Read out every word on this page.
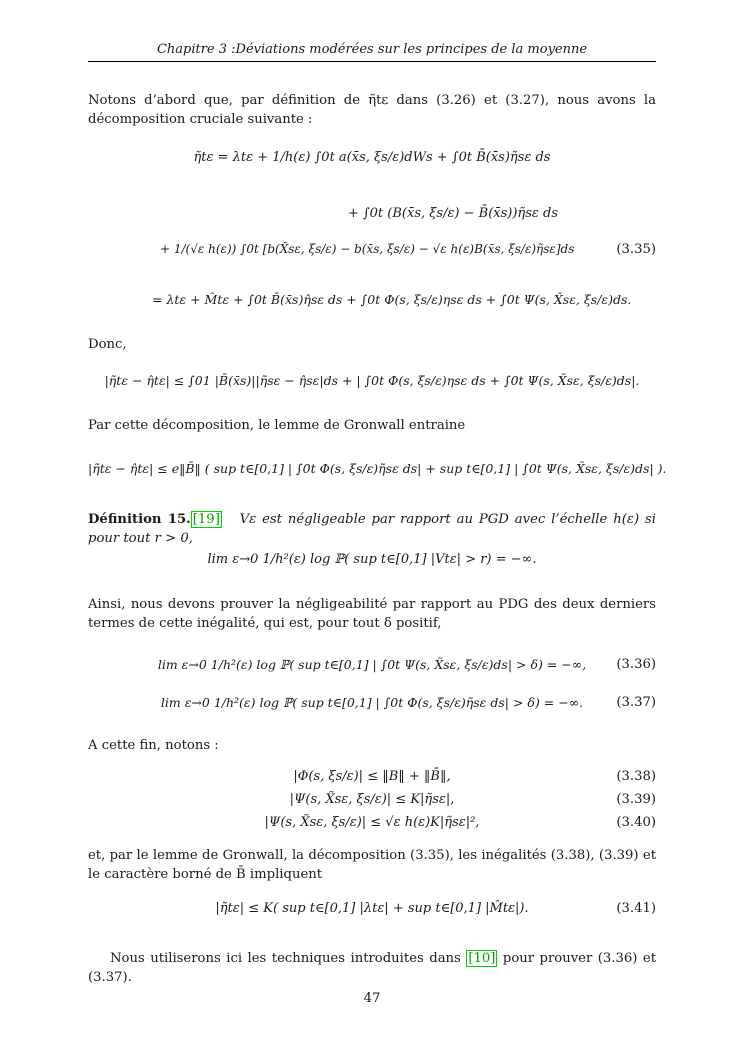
Chapitre 3 :Déviations modérées sur les principes de la moyenne
Notons d’abord que, par définition de η̃tε dans (3.26) et (3.27), nous avons la décomposition cruciale suivante :
η̃tε = λtε + 1/h(ε) ∫0t a(x̄s, ξs/ε)dWs + ∫0t B̄(x̄s)η̃sε ds
+ ∫0t (B(x̄s, ξs/ε) − B̄(x̄s))η̃sε ds
+ 1/(√ε h(ε)) ∫0t [b(X̃sε, ξs/ε) − b(x̄s, ξs/ε) − √ε h(ε)B(x̄s, ξs/ε)η̃sε]ds	(3.35)
= λtε + M̂tε + ∫0t B̄(x̄s)η̂sε ds + ∫0t Φ(s, ξs/ε)ηsε ds + ∫0t Ψ(s, X̃sε, ξs/ε)ds.
Donc,
|η̃tε − η̂tε| ≤ ∫01 |B̄(x̄s)||η̃sε − η̂sε|ds + | ∫0t Φ(s, ξs/ε)ηsε ds + ∫0t Ψ(s, X̃sε, ξs/ε)ds|.
Par cette décomposition, le lemme de Gronwall entraine
|η̃tε − η̂tε| ≤ e‖B̄‖ ( sup t∈[0,1] | ∫0t Φ(s, ξs/ε)η̃sε ds| + sup t∈[0,1] | ∫0t Ψ(s, X̃sε, ξs/ε)ds| ).
Définition 15. [19] Vε est négligeable par rapport au PGD avec l’échelle h(ε) si pour tout r > 0,
lim ε→0 1/h²(ε) log ℙ( sup t∈[0,1] |Vtε| > r) = −∞.
Ainsi, nous devons prouver la négligeabilité par rapport au PDG des deux derniers termes de cette inégalité, qui est, pour tout δ positif,
lim ε→0 1/h²(ε) log ℙ( sup t∈[0,1] | ∫0t Ψ(s, X̃sε, ξs/ε)ds| > δ) = −∞,	(3.36)
lim ε→0 1/h²(ε) log ℙ( sup t∈[0,1] | ∫0t Φ(s, ξs/ε)η̃sε ds| > δ) = −∞.	(3.37)
A cette fin, notons :
|Φ(s, ξs/ε)| ≤ ‖B‖ + ‖B̄‖,	(3.38)
|Ψ(s, X̃sε, ξs/ε)| ≤ K|η̃sε|,	(3.39)
|Ψ(s, X̃sε, ξs/ε)| ≤ √ε h(ε)K|η̃sε|²,	(3.40)
et, par le lemme de Gronwall, la décomposition (3.35), les inégalités (3.38), (3.39) et le caractère borné de B̄ impliquent
|η̃tε| ≤ K( sup t∈[0,1] |λtε| + sup t∈[0,1] |M̂tε|).	(3.41)
Nous utiliserons ici les techniques introduites dans [10] pour prouver (3.36) et (3.37).
47
